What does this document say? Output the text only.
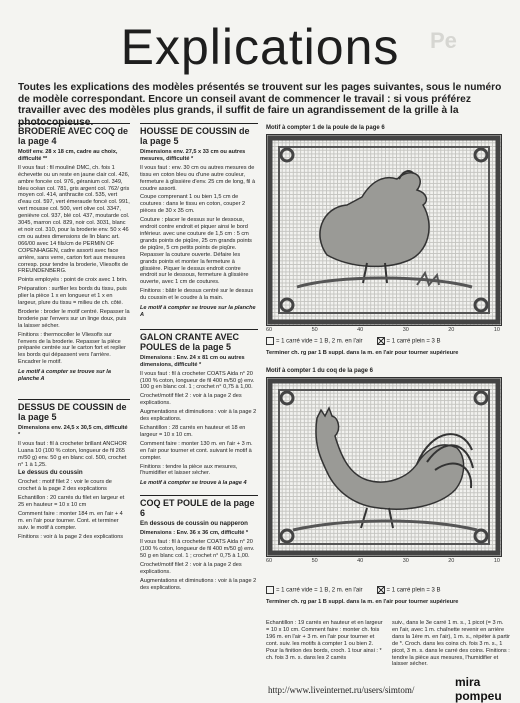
Pe
Explications
Toutes les explications des modèles présentés se trouvent sur les pages suivantes, sous le numéro de modèle correspondant. Encore un conseil avant de commencer le travail : si vous préférez travailler avec des modèles plus grands, il suffit de faire un agrandissement de la grille à la photocopieuse.
BRODERIE AVEC COQ de la page 4

Motif env. 28 x 18 cm, cadre au choix, difficulté **

Il vous faut : fil mouliné DMC, ch. fois 1 échevette ou un reste en jaune clair col. 426, ambre foncée col. 976, géranium col. 349, bleu océan col. 781, gris argent col. 762/ gris moyen col. 414, anthracite col. 535, vert d'eau col. 597, vert émeraude foncé col. 991, vert mousse col. 500, vert olive col. 3347, genièvre col. 937, blé col. 437, moutarde col. 3045, marron col. 829, noir col. 3031, blanc et noir col. 310, pour la broderie env. 50 x 46 cm ou autres dimensions de lin blanc art. 066/00 avec 14 fils/cm de PERMIN OF COPENHAGEN, cadre assorti avec face arrière, sans verre, carton fort aux mesures corresp. pour tendre la broderie, Vliesofix de FREUNDENBERG.

Points employés : point de croix avec 1 brin.

Préparation : surfiler les bords du tissu, puis plier la pièce 1 x en longueur et 1 x en largeur, plure du tissu = milieu de ch. côté.

Broderie : broder le motif centré. Repasser la broderie par l'envers sur un linge doux, puis la laisser sécher.

Finitions : thermocoller le Vliesofix sur l'envers de la broderie. Repasser la pièce préparée centrée sur le carton fort et replier les bords qui dépassent vers l'arrière. Encadrer le motif.

Le motif à compter se trouve sur la planche A

DESSUS DE COUSSIN de la page 5

Dimensions env. 24,5 x 30,5 cm, difficulté *

Il vous faut : fil à crocheter brillant ANCHOR Luana 10 (100 % coton, longueur de fil 265 m/50 g) env. 50 g en blanc col. 500, crochet n° 1 à 1,25.

Le dessus du coussin

Crochet : motif filet 2 : voir le cours de crochet à la page 2 des explications

Echantillon : 20 carrés du filet en largeur et 25 en hauteur = 10 x 10 cm

Comment faire : monter 184 m. en l'air + 4 m. en l'air pour tourner. Cont. et terminer suiv. le motif à compter.

Finitions : voir à la page 2 des explications

HOUSSE DE COUSSIN de la page 5

Dimensions env. 27,5 x 33 cm ou autres mesures, difficulté *

Il vous faut : env. 30 cm ou autres mesures de tissu en coton bleu ou d'une autre couleur, fermeture à glissière d'env. 25 cm de long, fil à coudre assorti.

Coupe comprenant 1 ou bien 1,5 cm de coutures : dans le tissu en coton, couper 2 pièces de 30 x 35 cm.

Couture : placer le dessus sur le dessous, endroit contre endroit et piquer ainsi le bord inférieur. avec une couture de 1,5 cm : 5 cm grands points de piqûre, 25 cm grands points de piqûre, 5 cm petits points de piqûre. Repasser la couture ouverte. Défaire les grands points et monter la fermeture à glissière. Piquer le dessus endroit contre endroit sur le dessous, fermeture à glissière ouverte, avec 1 cm de coutures.

Finitions : bâtir le dessus centré sur le dessus du coussin et le coudre à la main.

Le motif à compter se trouve sur la planche A

GALON CRANTE AVEC POULES de la page 5

Dimensions : Env. 24 x 81 cm ou autres dimensions, difficulté *

Il vous faut : fil à crocheter COATS Aida n° 20 (100 % coton, longueur de fil 400 m/50 g) env. 100 g en blanc col. 1 ; crochet n° 0,75 à 1,00.

Crochet/motif filet 2 : voir à la page 2 des explications.

Augmentations et diminutions : voir à la page 2 des explications.

Echantillon : 28 carrés en hauteur et 18 en largeur = 10 x 10 cm.

Comment faire : monter 130 m. en l'air + 3 m. en l'air pour tourner et cont. suivant le motif à compter.

Finitions : tendre la pièce aux mesures, l'humidifier et laisser sécher.

Le motif à compter se trouve à la page 4

COQ ET POULE de la page 6

En dessous de coussin ou napperon

Dimensions : Env. 36 x 36 cm, difficulté *

Il vous faut : fil à crocheter COATS Aida n° 20 (100 % coton, longueur de fil 400 m/50 g) env. 50 g en blanc col. 1 ; crochet n° 0,75 à 1,00.

Crochet/motif filet 2 : voir à la page 2 des explications.

Augmentations et diminutions : voir à la page 2 des explications.

Motif à compter 1 de la poule de la page 6
60	50	40	30	20	10
= 1 carré vide = 1 B, 2 m. en l'air	= 1 carré plein = 3 B
Terminer ch. rg par 1 B suppl. dans la m. en l'air pour tourner supérieure
Motif à compter 1 du coq de la page 6
60	50	40	30	20	10
= 1 carré vide = 1 B, 2 m. en l'air	= 1 carré plein = 3 B
Terminer ch. rg par 1 B suppl. dans la m. en l'air pour tourner supérieure
Echantillon : 19 carrés en hauteur et en largeur = 10 x 10 cm. Comment faire : monter ch. fois 196 m. en l'air + 3 m. en l'air pour tourner et cont. suiv. les motifs à compter 1 ou bien 2. Pour la finition des bords, croch. 1 tour ainsi : * ch. fois 3 m. s. dans les 2 carrés
suiv., dans le 3e carré 1 m. s., 1 picot (= 3 m. en l'air, avec 1 m. chaînette revenir en arrière dans la 1ère m. en l'air), 1 m. s., répéter à partir de *. Croch. dans les coins ch. fois 3 m. s., 1 picot, 3 m. s. dans le carré des coins. Finitions : tendre la pièce aux mesures, l'humidifier et laisser sécher.
http://www.liveinternet.ru/users/simtom/
mira pompeu
